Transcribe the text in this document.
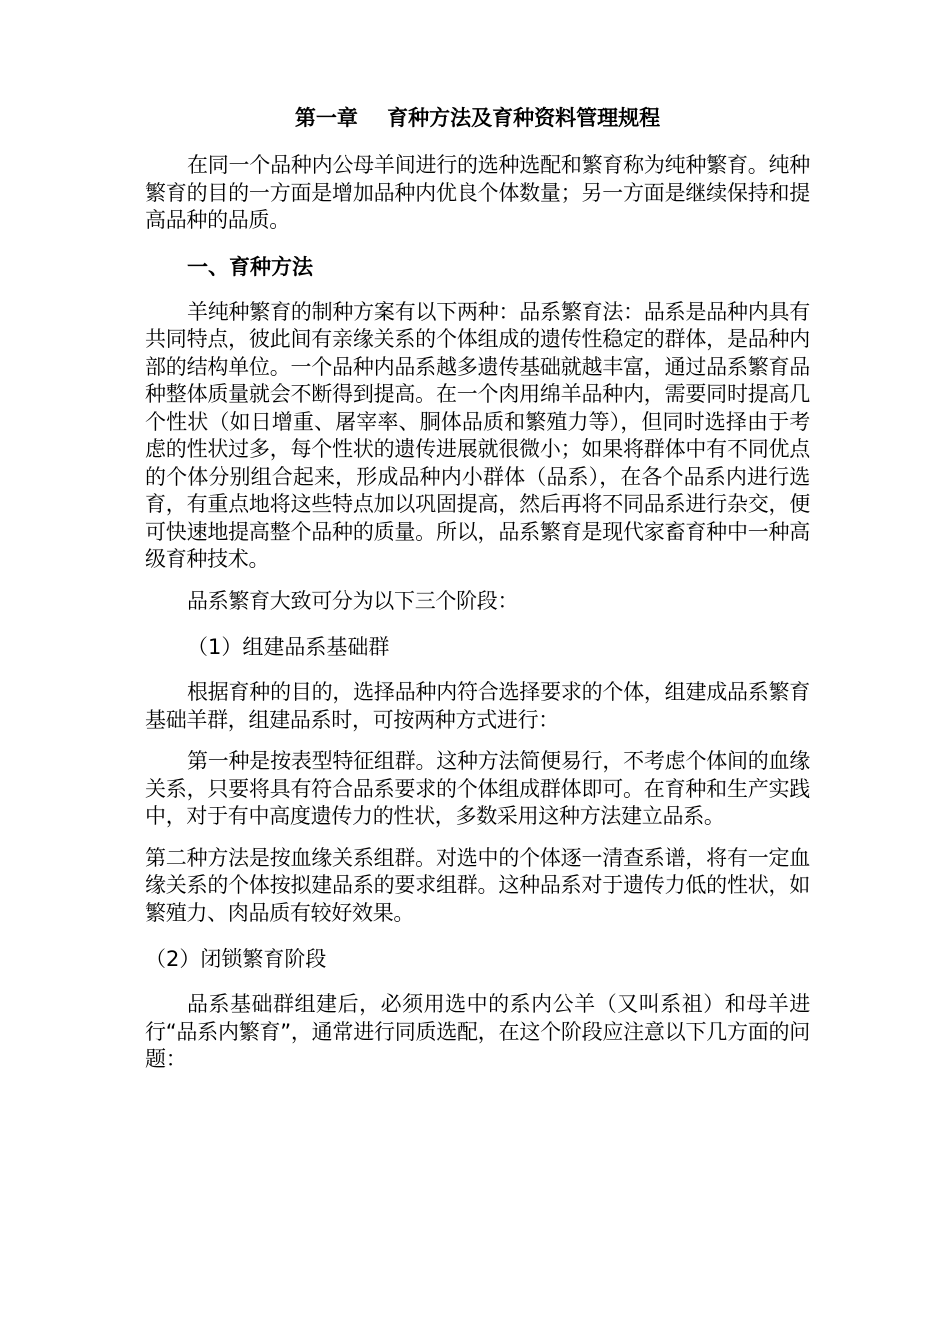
第一章    育种方法及育种资料管理规程

在同一个品种内公母羊间进行的选种选配和繁育称为纯种繁育。纯种繁育的目的一方面是增加品种内优良个体数量；另一方面是继续保持和提高品种的品质。

一、育种方法

羊纯种繁育的制种方案有以下两种：品系繁育法：品系是品种内具有共同特点，彼此间有亲缘关系的个体组成的遗传性稳定的群体，是品种内部的结构单位。一个品种内品系越多遗传基础就越丰富，通过品系繁育品种整体质量就会不断得到提高。在一个肉用绵羊品种内，需要同时提高几个性状（如日增重、屠宰率、胴体品质和繁殖力等），但同时选择由于考虑的性状过多，每个性状的遗传进展就很微小；如果将群体中有不同优点的个体分别组合起来，形成品种内小群体（品系），在各个品系内进行选育，有重点地将这些特点加以巩固提高，然后再将不同品系进行杂交，便可快速地提高整个品种的质量。所以，品系繁育是现代家畜育种中一种高级育种技术。

品系繁育大致可分为以下三个阶段：

（1）组建品系基础群

根据育种的目的，选择品种内符合选择要求的个体，组建成品系繁育基础羊群，组建品系时，可按两种方式进行：

第一种是按表型特征组群。这种方法简便易行，不考虑个体间的血缘关系，只要将具有符合品系要求的个体组成群体即可。在育种和生产实践中，对于有中高度遗传力的性状，多数采用这种方法建立品系。

第二种方法是按血缘关系组群。对选中的个体逐一清查系谱，将有一定血缘关系的个体按拟建品系的要求组群。这种品系对于遗传力低的性状，如繁殖力、肉品质有较好效果。

（2）闭锁繁育阶段

品系基础群组建后，必须用选中的系内公羊（又叫系祖）和母羊进行“品系内繁育”，通常进行同质选配，在这个阶段应注意以下几方面的问题：
